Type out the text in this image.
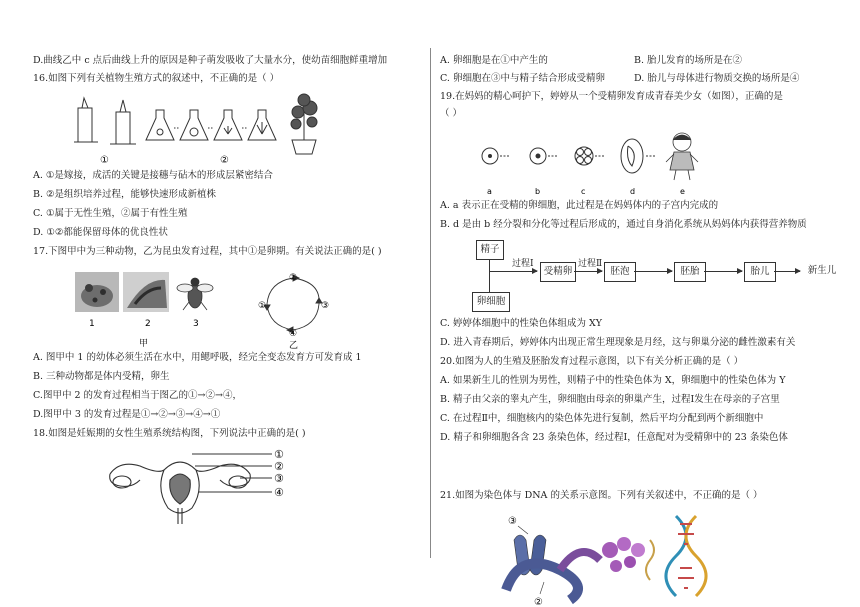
D.曲线乙中 c 点后曲线上升的原因是种子萌发吸收了大量水分，使幼苗细胞鲜重增加
16.如图下列有关植物生殖方式的叙述中，不正确的是（ ）
①	②
A. ①是嫁接，成活的关键是接穗与砧木的形成层紧密结合
B. ②是组织培养过程，能够快速形成新植株
C. ①属于无性生殖，②属于有性生殖
D. ①②都能保留母体的优良性状
17.下图甲中为三种动物，乙为昆虫发育过程，其中①是卵期。有关说法正确的是( )
1	2	3
甲
②
①	③
④
乙
A. 图甲中 1 的幼体必须生活在水中，用鳃呼吸，经完全变态发育方可发育成 1
B. 三种动物都是体内受精，卵生
C.图甲中 2 的发育过程相当于图乙的①→②→④，
D.图甲中 3 的发育过程是①→②→③→④→①
18.如图是妊娠期的女性生殖系统结构图，下列说法中正确的是( )
①
②
③
④
A. 卵细胞是在①中产生的	B. 胎儿发育的场所是在②
C. 卵细胞在③中与精子结合形成受精卵	D. 胎儿与母体进行物质交换的场所是④
19.在妈妈的精心呵护下，婷婷从一个受精卵发育成青春美少女（如图），正确的是
（ ）
a	b	c	d	e
A. a 表示正在受精的卵细胞，此过程是在妈妈体内的子宫内完成的
B. d 是由 b 经分裂和分化等过程后形成的，通过自身消化系统从妈妈体内获得营养物质
精子
卵细胞
过程Ⅰ
受精卵
过程Ⅱ
胚泡	胚胎	胎儿	新生儿
C. 婷婷体细胞中的性染色体组成为 XY
D. 进入青春期后，婷婷体内出现正常生理现象是月经，这与卵巢分泌的雌性激素有关
20.如图为人的生殖及胚胎发育过程示意图，以下有关分析正确的是（ ）
A. 如果新生儿的性别为男性，则精子中的性染色体为 X，卵细胞中的性染色体为 Y
B. 精子由父亲的睾丸产生，卵细胞由母亲的卵巢产生，过程Ⅰ发生在母亲的子宫里
C. 在过程Ⅱ中，细胞核内的染色体先进行复制，然后平均分配到两个新细胞中
D. 精子和卵细胞各含 23 条染色体，经过程Ⅰ，任意配对为受精卵中的 23 条染色体
21.如图为染色体与 DNA 的关系示意图。下列有关叙述中，不正确的是（ ）
③
②
